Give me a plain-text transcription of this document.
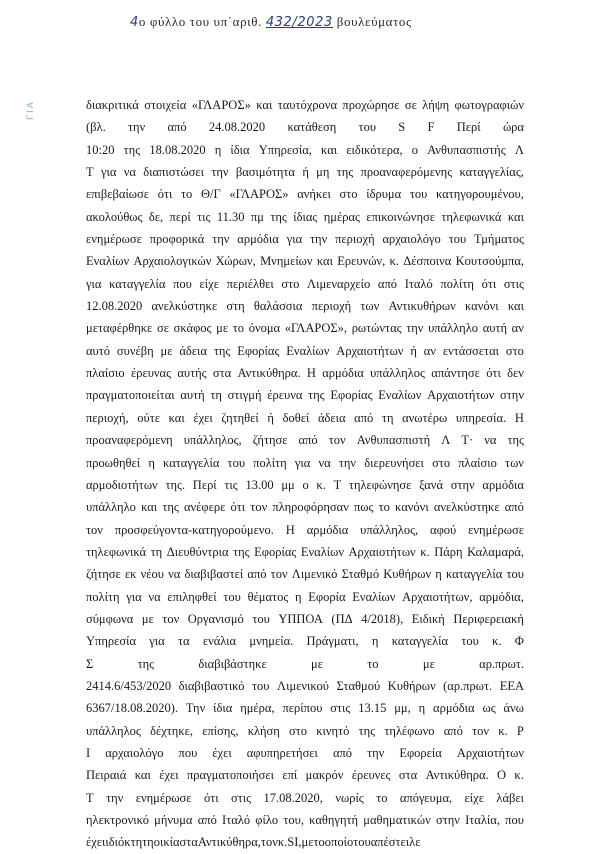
4ο φύλλο του υπ΄αριθ. 432/2023 βουλεύματος
ΓΙΑ	διακριτικά στοιχεία «ΓΛΑΡΟΣ» και ταυτόχρονα προχώρησε σε λήψη φωτογραφιών
(βλ. την από 24.08.2020 κατάθεση του S F Περί ώρα
10:20 της 18.08.2020 η ίδια Υπηρεσία, και ειδικότερα, ο Ανθυπασπιστής Λ
Τ για να διαπιστώσει την βασιμότητα ή μη της προαναφερόμενης καταγγελίας,
επιβεβαίωσε ότι το Θ/Γ «ΓΛΑΡΟΣ» ανήκει στο ίδρυμα του κατηγορουμένου,
ακολούθως δε, περί τις 11.30 πμ της ίδιας ημέρας επικοινώνησε τηλεφωνικά και
ενημέρωσε προφορικά την αρμόδια για την περιοχή αρχαιολόγο του Τμήματος
Εναλίων Αρχαιολογικών Χώρων, Μνημείων και Ερευνών, κ. Δέσποινα Κουτσούμπα,
για καταγγελία που είχε περιέλθει στο Λιμεναρχείο από Ιταλό πολίτη ότι στις
12.08.2020 ανελκύστηκε στη θαλάσσια περιοχή των Αντικυθήρων κανόνι και
μεταφέρθηκε σε σκάφος με το όνομα «ΓΛΑΡΟΣ», ρωτώντας την υπάλληλο αυτή αν
αυτό συνέβη με άδεια της Εφορίας Εναλίων Αρχαιοτήτων ή αν εντάσσεται στο
πλαίσιο έρευνας αυτής στα Αντικύθηρα. Η αρμόδια υπάλληλος απάντησε ότι δεν
πραγματοποιείται αυτή τη στιγμή έρευνα της Εφορίας Εναλίων Αρχαιοτήτων στην
περιοχή, ούτε και έχει ζητηθεί ή δοθεί άδεια από τη ανωτέρω υπηρεσία. Η
προαναφερόμενη υπάλληλος, ζήτησε από τον Ανθυπασπιστή Λ Τ· να της
προωθηθεί η καταγγελία του πολίτη για να την διερευνήσει στο πλαίσιο των
αρμοδιοτήτων της. Περί τις 13.00 μμ ο κ. Τ τηλεφώνησε ξανά στην αρμόδια
υπάλληλο και της ανέφερε ότι τον πληροφόρησαν πως το κανόνι ανελκύστηκε από
τον προσφεύγοντα-κατηγορούμενο. Η αρμόδια υπάλληλος, αφού ενημέρωσε
τηλεφωνικά τη Διευθύντρια της Εφορίας Εναλίων Αρχαιοτήτων κ. Πάρη Καλαμαρά,
ζήτησε εκ νέου να διαβιβαστεί από τον Λιμενικό Σταθμό Κυθήρων η καταγγελία του
πολίτη για να επιληφθεί του θέματος η Εφορία Εναλίων Αρχαιοτήτων, αρμόδια,
σύμφωνα με τον Οργανισμό του ΥΠΠΟΑ (ΠΔ 4/2018), Ειδική Περιφερειακή
Υπηρεσία για τα ενάλια μνημεία. Πράγματι, η καταγγελία του κ. Φ
Σ	της	διαβιβάστηκε	με	το	με	αρ.πρωτ.
2414.6/453/2020 διαβιβαστικό του Λιμενικού Σταθμού Κυθήρων (αρ.πρωτ. ΕΕΑ
6367/18.08.2020). Την ίδια ημέρα, περίπου στις 13.15 μμ, η αρμόδια ως άνω
υπάλληλος δέχτηκε, επίσης, κλήση στο κινητό της τηλέφωνο από τον κ. Ρ
Ι αρχαιολόγο που έχει αφυπηρετήσει από την Εφορεία Αρχαιοτήτων
Πειραιά και έχει πραγματοποιήσει επί μακρόν έρευνες στα Αντικύθηρα. Ο κ.
Τ την ενημέρωσε ότι στις 17.08.2020, νωρίς το απόγευμα, είχε λάβει
ηλεκτρονικό μήνυμα από Ιταλό φίλο του, καθηγητή μαθηματικών στην Ιταλία, που
έχει ιδιόκτητη οικία στα Αντικύθηρα, τον κ. S Ι , με το οποίο του απέστειλε
